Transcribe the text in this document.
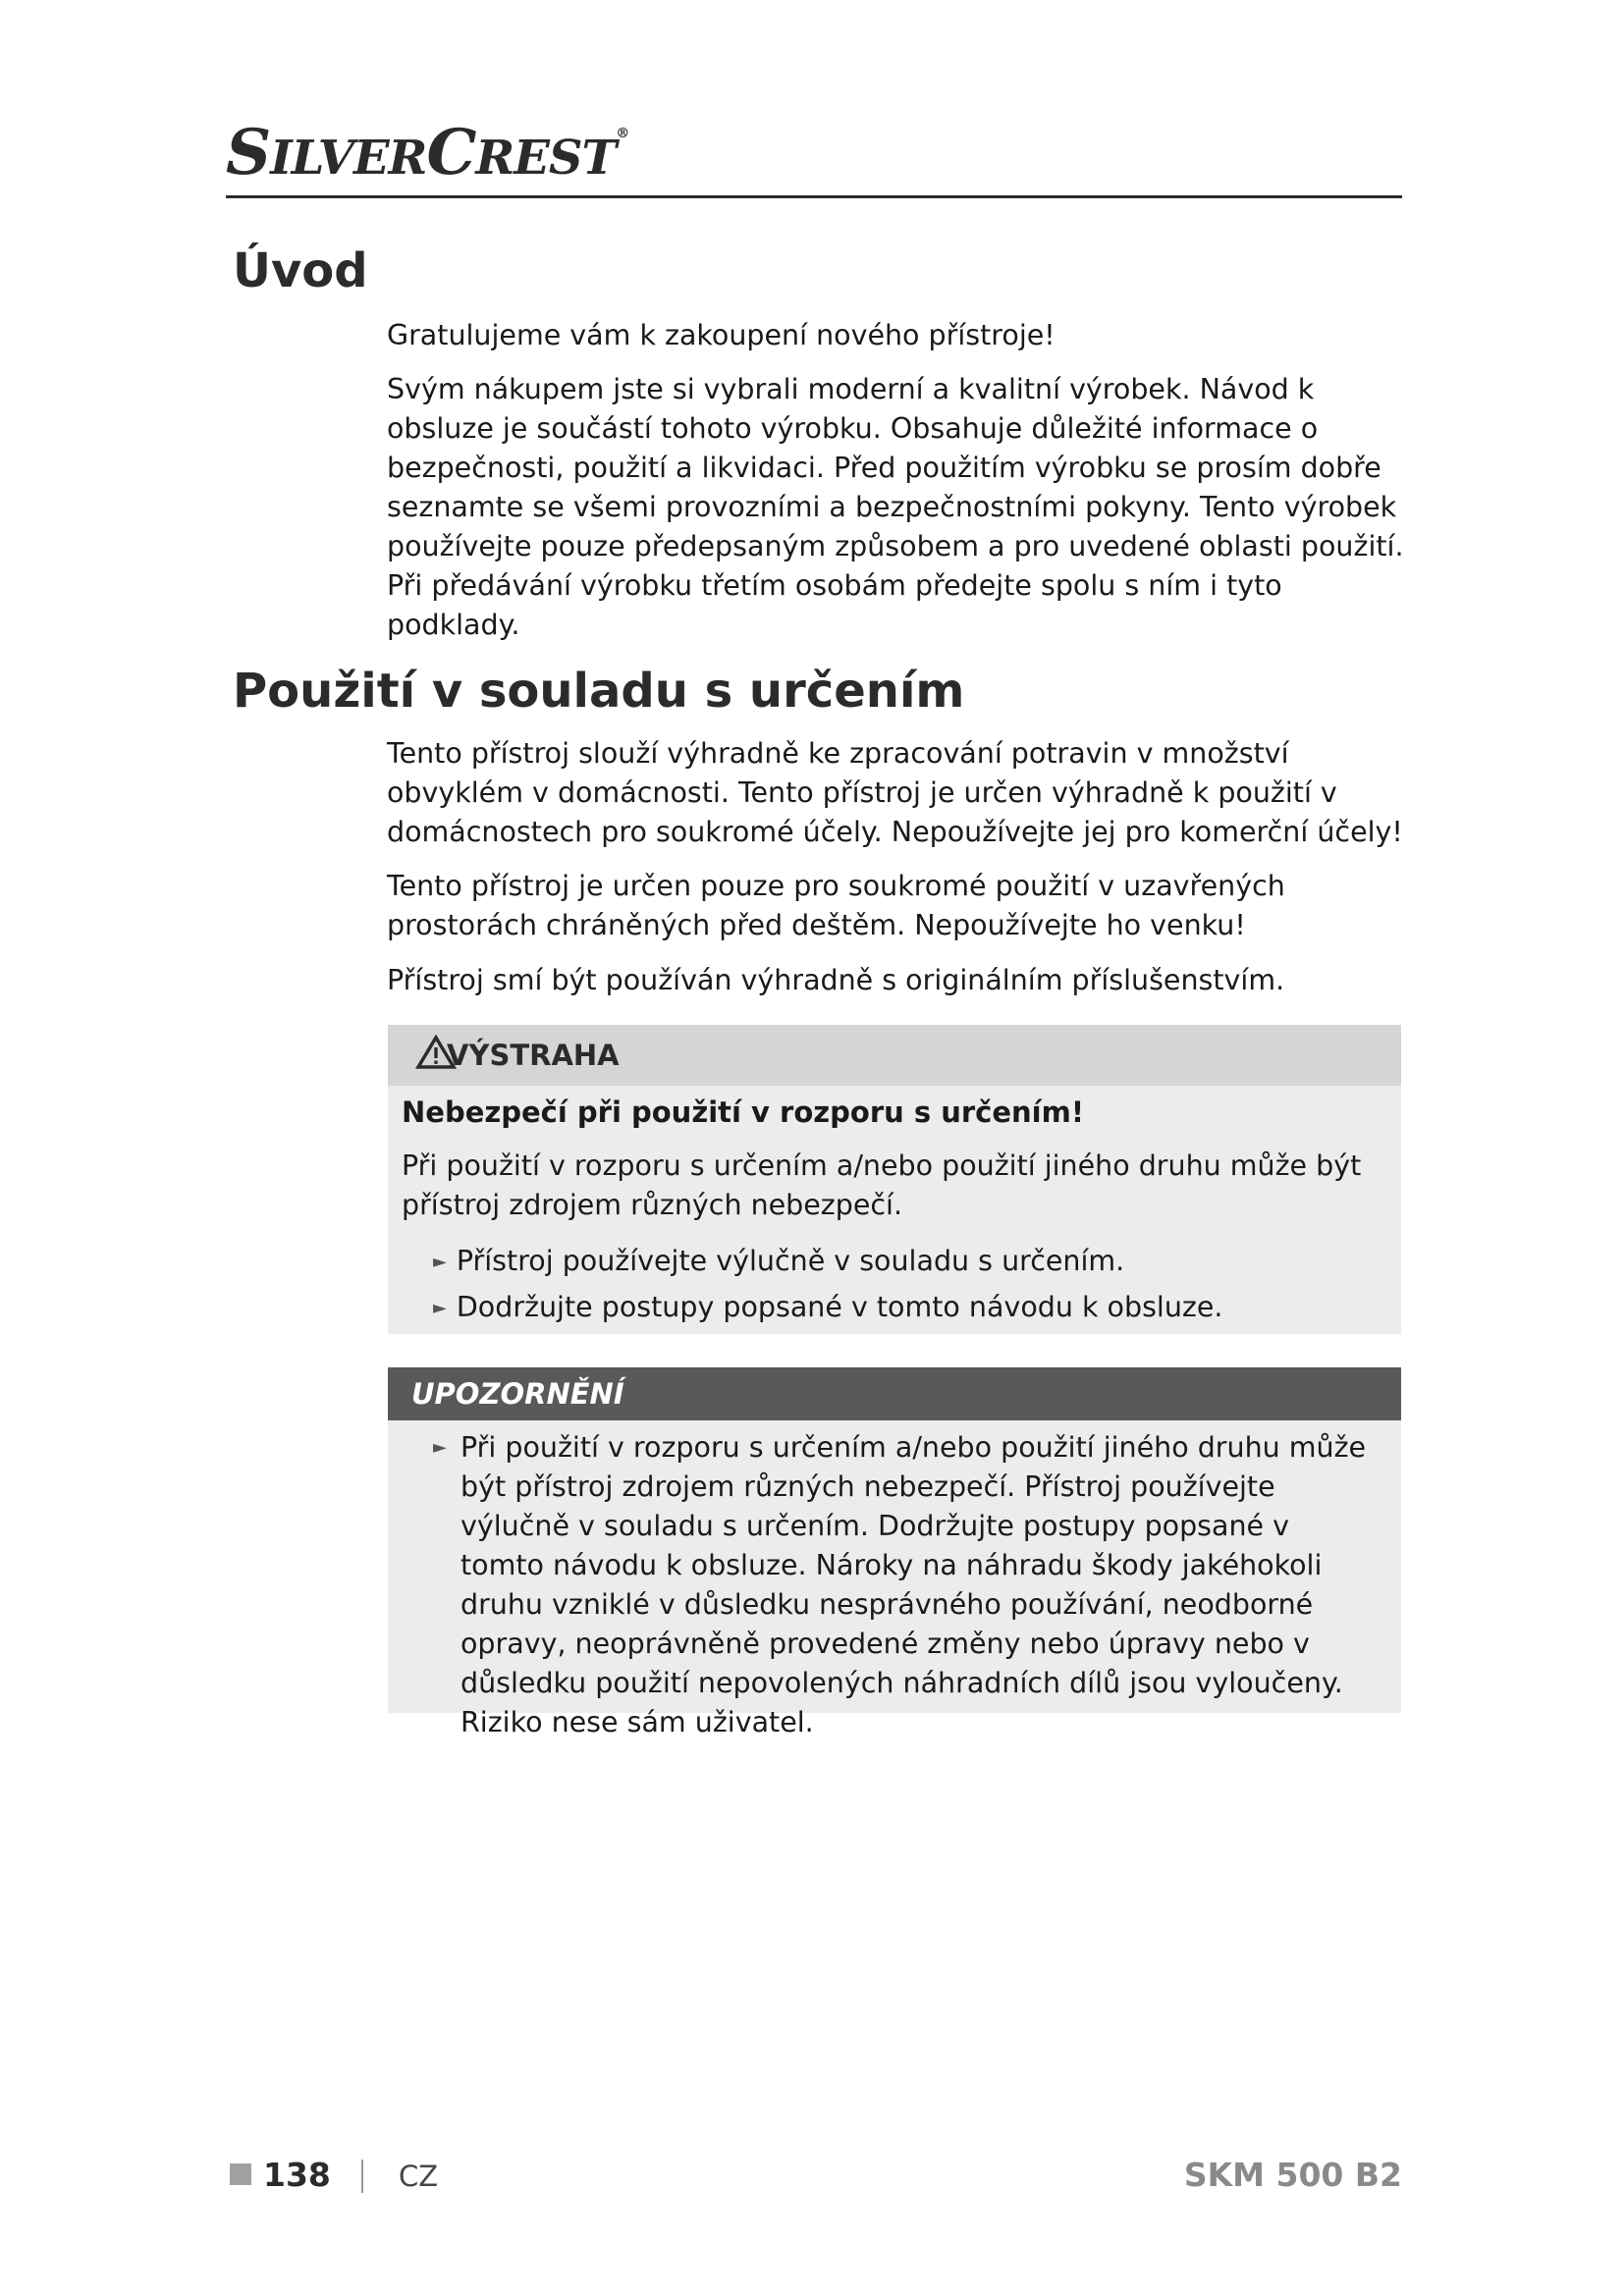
SILVERCREST®
Úvod

Gratulujeme vám k zakoupení nového přístroje!

Svým nákupem jste si vybrali moderní a kvalitní výrobek. Návod k obsluze je součástí tohoto výrobku. Obsahuje důležité informace o bezpečnosti, použití a likvidaci. Před použitím výrobku se prosím dobře seznamte se všemi provozními a bezpečnostními pokyny. Tento výrobek používejte pouze předepsaným způsobem a pro uvedené oblasti použití. Při předávání výrobku třetím osobám předejte spolu s ním i tyto podklady.

Použití v souladu s určením

Tento přístroj slouží výhradně ke zpracování potravin v množství obvyklém v domácnosti. Tento přístroj je určen výhradně k použití v domácnostech pro soukromé účely. Nepoužívejte jej pro komerční účely!

Tento přístroj je určen pouze pro soukromé použití v uzavřených prostorách chráněných před deštěm. Nepoužívejte ho venku!

Přístroj smí být používán výhradně s originálním příslušenstvím.

VÝSTRAHA
Nebezpečí při použití v rozporu s určením!

Při použití v rozporu s určením a/nebo použití jiného druhu může být přístroj zdrojem různých nebezpečí.

► Přístroj používejte výlučně v souladu s určením.
► Dodržujte postupy popsané v tomto návodu k obsluze.
UPOZORNĚNÍ
► Při použití v rozporu s určením a/nebo použití jiného druhu může být přístroj zdrojem různých nebezpečí. Přístroj používejte výlučně v souladu s určením. Dodržujte postupy popsané v tomto návodu k obsluze. Nároky na náhradu škody jakéhokoli druhu vzniklé v důsledku nesprávného používání, neodborné opravy, neoprávněně provedené změny nebo úpravy nebo v důsledku použití nepovolených náhradních dílů jsou vyloučeny. Riziko nese sám uživatel.
138 CZ	SKM 500 B2
